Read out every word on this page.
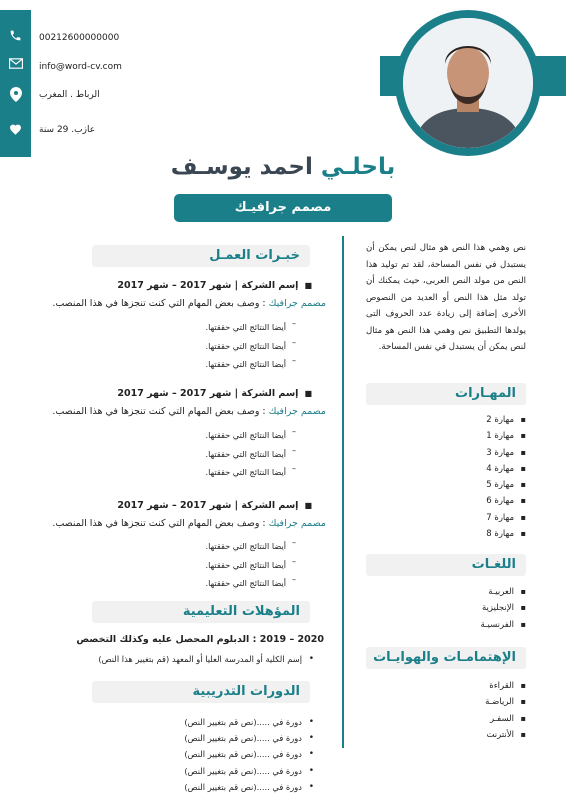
00212600000000
info@word-cv.com
الرباط . المغرب
عازب. 29 سنة
باحلـي احمد يوسـف
مصمم جرافيـك
نص وهمي هذا النص هو مثال لنص يمكن أن يستبدل في نفس المساحة، لقد تم توليد هذا النص من مولد النص العربى، حيث يمكنك أن تولد مثل هذا النص أو العديد من النصوص الأخرى إضافة إلى زيادة عدد الحروف التى يولدها التطبيق نص وهمي هذا النص هو مثال لنص يمكن أن يستبدل في نفس المساحة.
المهـارات
▪ مهارة 2
▪ مهارة 1
▪ مهارة 3
▪ مهارة 4
▪ مهارة 5
▪ مهارة 6
▪ مهارة 7
▪ مهارة 8
اللغـات
▪ العربيـة
▪ الإنجليزية
▪ الفرنسيـة
الإهتمامـات والهوايـات
▪ القراءة
▪ الرياضـة
▪ السفـر
▪ الأنترنت
خبـرات العمـل
■إسم الشركة | شهر 2017 – شهر 2017
مصمم جرافيك : وصف بعض المهام التي كنت تنجزها في هذا المنصب.
– أيضا النتائج التي حققتها.
– أيضا النتائج التي حققتها.
– أيضا النتائج التي حققتها.
■إسم الشركة | شهر 2017 – شهر 2017
مصمم جرافيك : وصف بعض المهام التي كنت تنجزها في هذا المنصب.
– أيضا النتائج التي حققتها.
– أيضا النتائج التي حققتها.
– أيضا النتائج التي حققتها.
■إسم الشركة | شهر 2017 – شهر 2017
مصمم جرافيك : وصف بعض المهام التي كنت تنجزها في هذا المنصب.
– أيضا النتائج التي حققتها.
– أيضا النتائج التي حققتها.
– أيضا النتائج التي حققتها.
المؤهلات التعليمية
2020 – 2019 : الدبلوم المحصل عليه وكذلك التخصص
• إسم الكلية أو المدرسة العليا أو المعهد (قم بتغيير هذا النص)
الدورات التدريبية
• دورة في .....(نص قم بتغيير النص)
• دورة في .....(نص قم بتغيير النص)
• دورة في .....(نص قم بتغيير النص)
• دورة في .....(نص قم بتغيير النص)
• دورة في .....(نص قم بتغيير النص)
